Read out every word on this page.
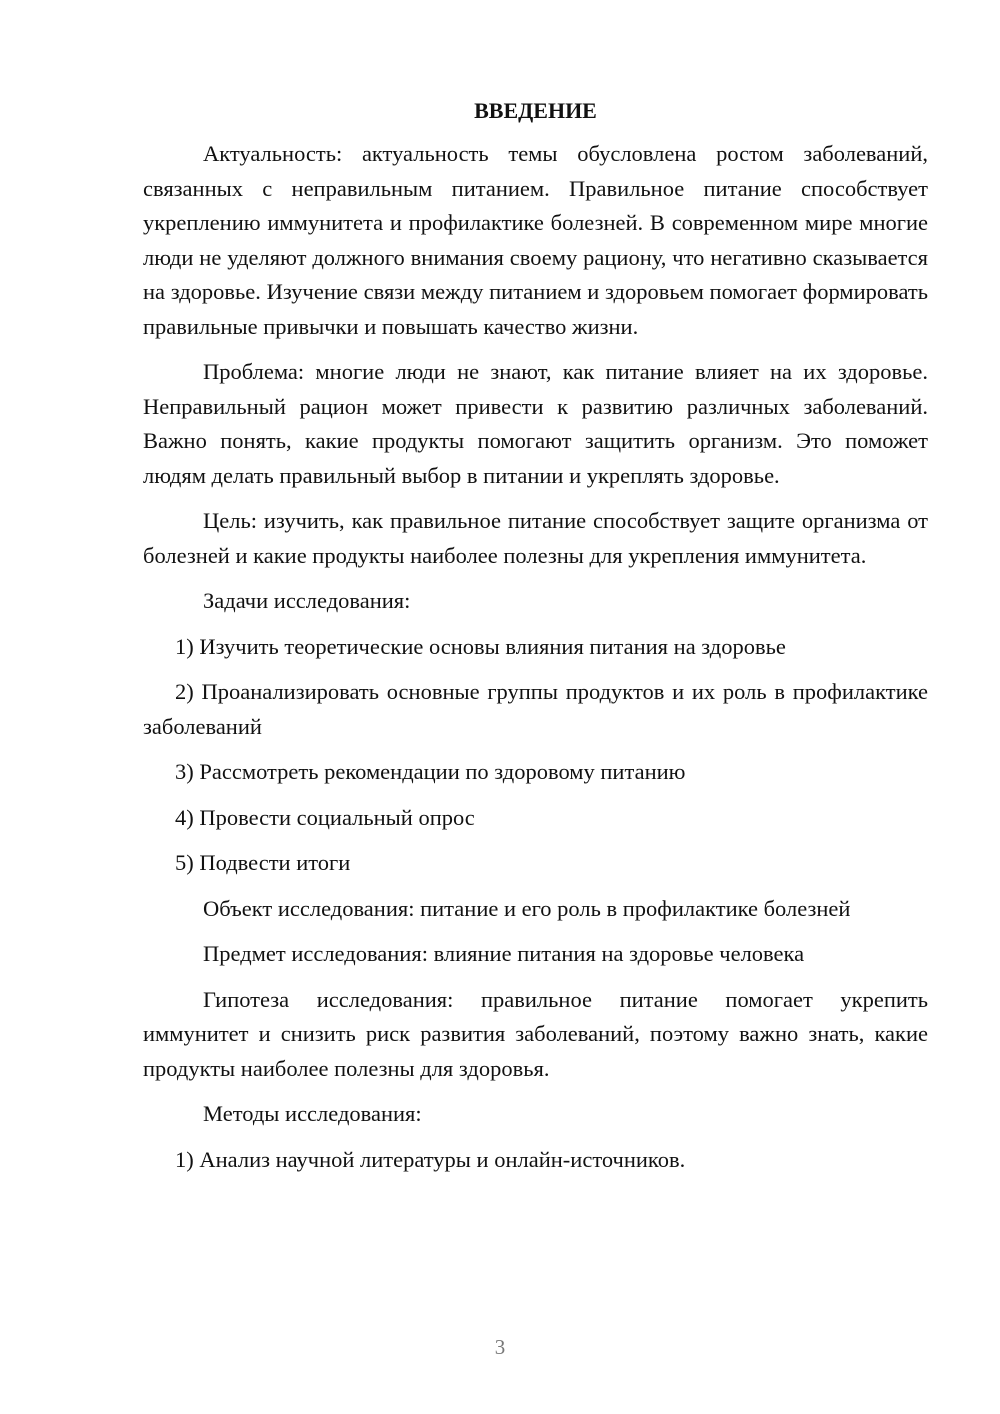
ВВЕДЕНИЕ
Актуальность: актуальность темы обусловлена ростом заболеваний, связанных с неправильным питанием. Правильное питание способствует укреплению иммунитета и профилактике болезней. В современном мире многие люди не уделяют должного внимания своему рациону, что негативно сказывается на здоровье. Изучение связи между питанием и здоровьем помогает формировать правильные привычки и повышать качество жизни.
Проблема: многие люди не знают, как питание влияет на их здоровье. Неправильный рацион может привести к развитию различных заболеваний. Важно понять, какие продукты помогают защитить организм. Это поможет людям делать правильный выбор в питании и укреплять здоровье.
Цель: изучить, как правильное питание способствует защите организма от болезней и какие продукты наиболее полезны для укрепления иммунитета.
Задачи исследования:
1) Изучить теоретические основы влияния питания на здоровье
2) Проанализировать основные группы продуктов и их роль в профилактике заболеваний
3) Рассмотреть рекомендации по здоровому питанию
4) Провести социальный опрос
5) Подвести итоги
Объект исследования: питание и его роль в профилактике болезней
Предмет исследования: влияние питания на здоровье человека
Гипотеза исследования: правильное питание помогает укрепить иммунитет и снизить риск развития заболеваний, поэтому важно знать, какие продукты наиболее полезны для здоровья.
Методы исследования:
1) Анализ научной литературы и онлайн-источников.
3
